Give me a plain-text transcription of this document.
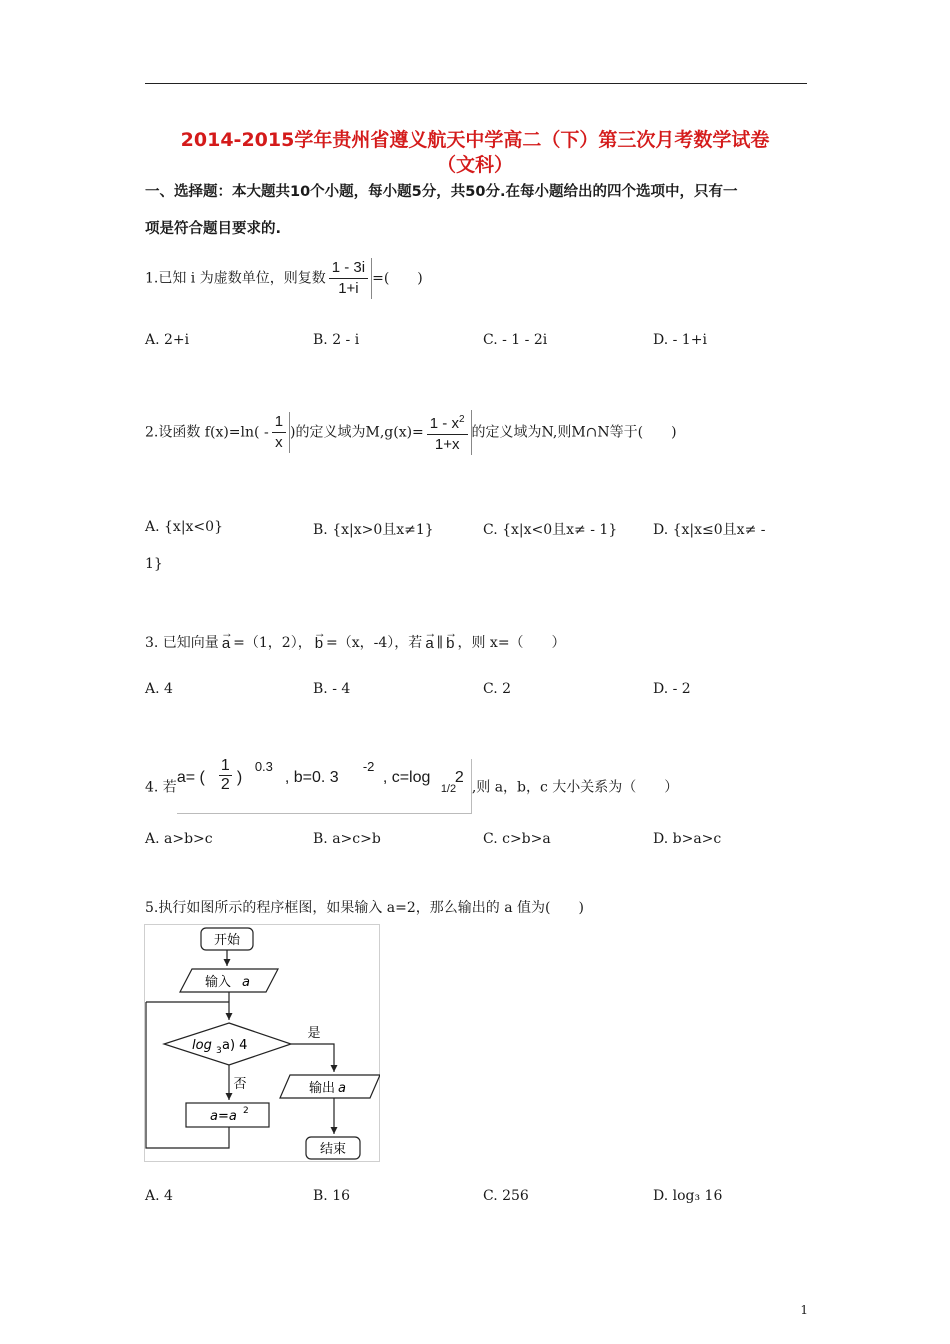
2014-2015学年贵州省遵义航天中学高二（下）第三次月考数学试卷
（文科）
一、选择题：本大题共10个小题，每小题5分，共50分.在每小题给出的四个选项中，只有一
项是符合题目要求的.
1.已知 i 为虚数单位，则复数 $\frac{1 - 3i}{1+i}$ =(　　)
A. 2+i	B. 2 - i	C. - 1 - 2i	D. - 1+i
2.设函数 $f(x)=\ln( - \frac{1}{x}$ )的定义域为$M,g(x)= \frac{1 - x^2}{1+x}$ 的定义域为N,则M∩N等于(　　)
A. {x|x<0}	B. {x|x>0且x≠1}	C. {x|x<0且x≠ - 1}	D. {x|x≤0且x≠ -
1}
3. 已知向量
→
a =（1，2），
→
b =（x，-4），若
→
a ∥
→
b ，则 x=（　　）
A. 4	B. - 4	C. 2	D. - 2
4. 若
a= ( $\frac{1}{2}$ )
0.3
, b=0. 3
-2
, c=log
1/2
2
,则 a，b，c 大小关系为（　　）
A. a>b>c	B. a>c>b	C. c>b>a	D. b>a>c
5.执行如图所示的程序框图，如果输入 a=2，那么输出的 a 值为(　　)
开始
输入 a
log 3 a) 4
是
否	输出 a
a=a 2
结束
A. 4	B. 16	C. 256	D. log₃ 16
1
